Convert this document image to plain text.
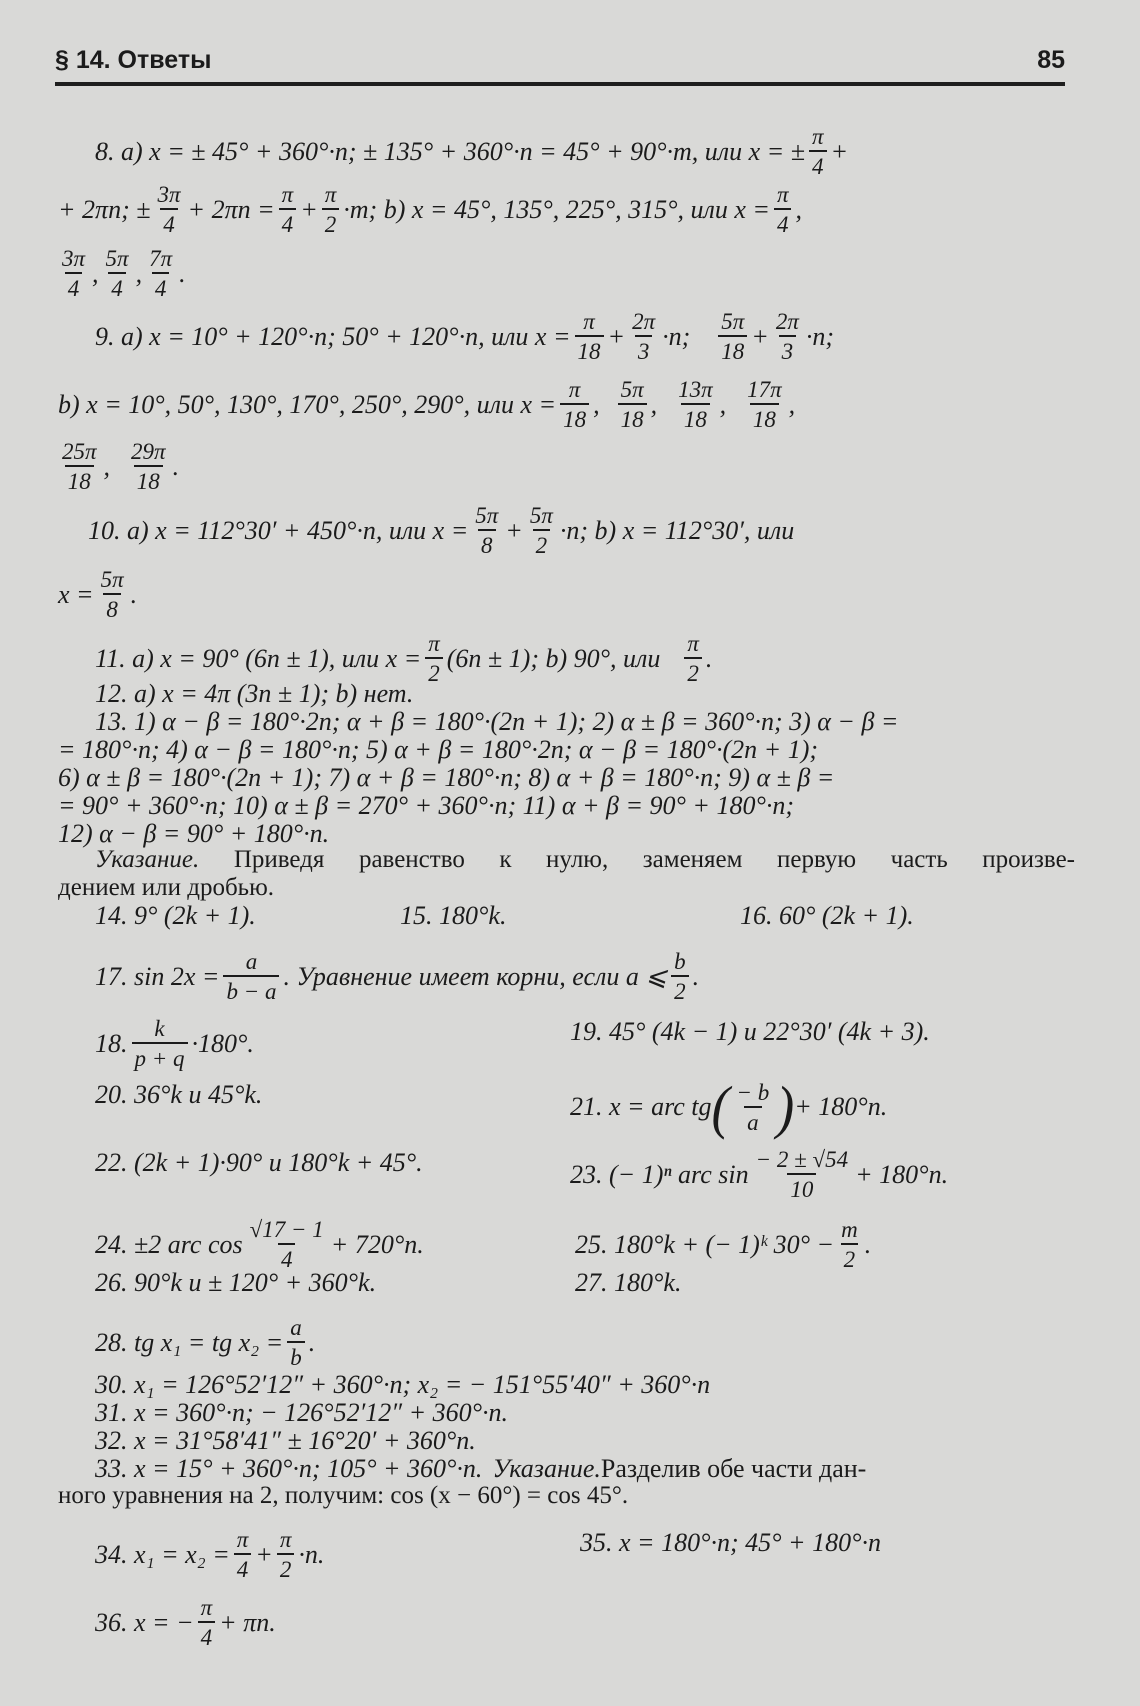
§ 14. Ответы	85
8. а) x = ± 45° + 360°·n; ± 135° + 360°·n = 45° + 90°·m, или x = ± $\frac{\pi}{4}$ +
+ 2πn; ± $\frac{3\pi}{4} + 2\pi n = \frac{\pi}{4} + \frac{\pi}{2} \cdot m$; b) x = 45°, 135°, 225°, 315°, или $x = \frac{\pi}{4}$ ,
3π
4
, 5π
4
, 7π
4
.
9. а) x = 10° + 120°·n; 50° + 120°·n, или $x = \frac{\pi}{18} + \frac{2\pi}{3} \cdot n$; 5π
18
+ $\frac{2\pi}{3} \cdot n$;
b) x = 10°, 50°, 130°, 170°, 250°, 290°, или $x = \frac{\pi}{18}$ , 5π
18
, 13π
18
, 17π
18
,
25π
18
, 29π
18
.
10. а) x = 112°30′ + 450°·n, или $x = \frac{5\pi}{8} + \frac{5\pi}{2} \cdot n$; b) x = 112°30′, или
$x = \frac{5\pi}{8}$ .
11. а) x = 90° (6n ± 1), или $x = \frac{\pi}{2} (6n \pm 1)$; b) 90°, или π
2
.
12. а) x = 4π (3n ± 1); b) нет.
13. 1) α − β = 180°·2n; α + β = 180°·(2n + 1); 2) α ± β = 360°·n; 3) α − β =
= 180°·n; 4) α − β = 180°·n; 5) α + β = 180°·2n; α − β = 180°·(2n + 1);
6) α ± β = 180°·(2n + 1); 7) α + β = 180°·n; 8) α + β = 180°·n; 9) α ± β =
= 90° + 360°·n; 10) α ± β = 270° + 360°·n; 11) α + β = 90° + 180°·n;
12) α − β = 90° + 180°·n.
Указание. Приведя равенство к нулю, заменяем первую часть произве-
дением или дробью.
14. 9° (2k + 1).	15. 180°k.	16. 60° (2k + 1).
17. $\sin 2x = \frac{a}{b - a}$ . Уравнение имеет корни, если a ⩽ b
2
.
18. k
p + q
·180°.	19. 45° (4k − 1) и 22°30′ (4k + 3).
20. 36°k и 45°k.	21. x = arc tg ( − b
a ) + 180°n.
22. (2k + 1)·90° и 180°k + 45°.	23. (− 1)ⁿ arc sin − 2 ± √54
10
+ 180°n.
24. ±2 arc cos √17 − 1
4
+ 720°n.	25. 180°k + (− 1)ᵏ $30^\circ - \frac{m}{2}$ .
26. 90°k и ± 120° + 360°k.	27. 180°k.
28. tg x₁ = tg $x_2 = \frac{a}{b}$ .
30. x₁ = 126°52′12″ + 360°·n; x₂ = − 151°55′40″ + 360°·n
31. x = 360°·n; − 126°52′12″ + 360°·n.
32. x = 31°58′41″ ± 16°20′ + 360°n.
33. x = 15° + 360°·n; 105° + 360°·n. Указание. Разделив обе части дан-
ного уравнения на 2, получим: cos (x − 60°) = cos 45°.
34. $x_1 = x_2 = \frac{\pi}{4} + \frac{\pi}{2} \cdot n$.	35. x = 180°·n; 45° + 180°·n
36. x = − $\frac{\pi}{4} + \pi n$.
